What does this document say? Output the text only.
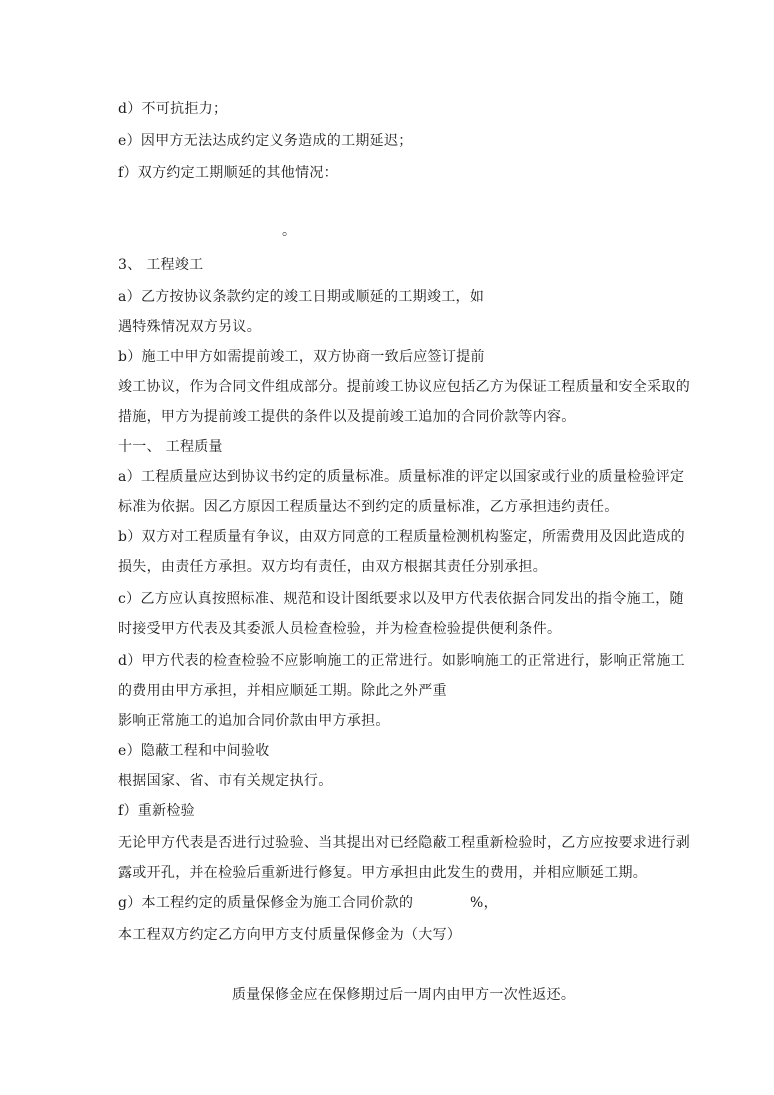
d）不可抗拒力；
e）因甲方无法达成约定义务造成的工期延迟；
f）双方约定工期顺延的其他情况：
。
3、 工程竣工
a）乙方按协议条款约定的竣工日期或顺延的工期竣工，如
遇特殊情况双方另议。
b）施工中甲方如需提前竣工，双方协商一致后应签订提前
竣工协议，作为合同文件组成部分。提前竣工协议应包括乙方为保证工程质量和安全采取的
措施，甲方为提前竣工提供的条件以及提前竣工追加的合同价款等内容。
十一、 工程质量
a）工程质量应达到协议书约定的质量标准。质量标准的评定以国家或行业的质量检验评定
标准为依据。因乙方原因工程质量达不到约定的质量标准，乙方承担违约责任。
b）双方对工程质量有争议，由双方同意的工程质量检测机构鉴定，所需费用及因此造成的
损失，由责任方承担。双方均有责任，由双方根据其责任分别承担。
c）乙方应认真按照标准、规范和设计图纸要求以及甲方代表依据合同发出的指令施工，随
时接受甲方代表及其委派人员检查检验，并为检查检验提供便利条件。
d）甲方代表的检查检验不应影响施工的正常进行。如影响施工的正常进行，影响正常施工
的费用由甲方承担，并相应顺延工期。除此之外严重
影响正常施工的追加合同价款由甲方承担。
e）隐蔽工程和中间验收
根据国家、省、市有关规定执行。
f）重新检验
无论甲方代表是否进行过验验、当其提出对已经隐蔽工程重新检验时，乙方应按要求进行剥
露或开孔，并在检验后重新进行修复。甲方承担由此发生的费用，并相应顺延工期。
g）本工程约定的质量保修金为施工合同价款的	%，
本工程双方约定乙方向甲方支付质量保修金为（大写）
质量保修金应在保修期过后一周内由甲方一次性返还。
